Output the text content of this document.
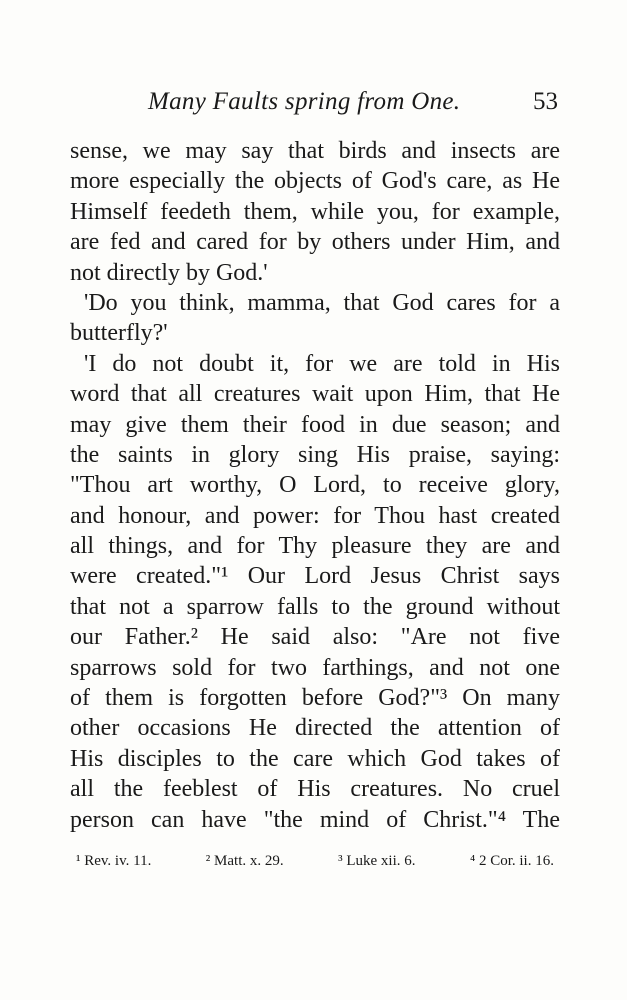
Many Faults spring from One.	53
sense, we may say that birds and insects are
more especially the objects of God's care, as He
Himself feedeth them, while you, for example,
are fed and cared for by others under Him, and
not directly by God.'
'Do you think, mamma, that God cares for a
butterfly?'
'I do not doubt it, for we are told in His
word that all creatures wait upon Him, that He
may give them their food in due season; and
the saints in glory sing His praise, saying:
"Thou art worthy, O Lord, to receive glory,
and honour, and power: for Thou hast created
all things, and for Thy pleasure they are and
were created."¹ Our Lord Jesus Christ says
that not a sparrow falls to the ground without
our Father.² He said also: "Are not five
sparrows sold for two farthings, and not one
of them is forgotten before God?"³ On many
other occasions He directed the attention of
His disciples to the care which God takes of
all the feeblest of His creatures. No cruel
person can have "the mind of Christ."⁴ The
¹ Rev. iv. 11.	² Matt. x. 29.	³ Luke xii. 6.	⁴ 2 Cor. ii. 16.
